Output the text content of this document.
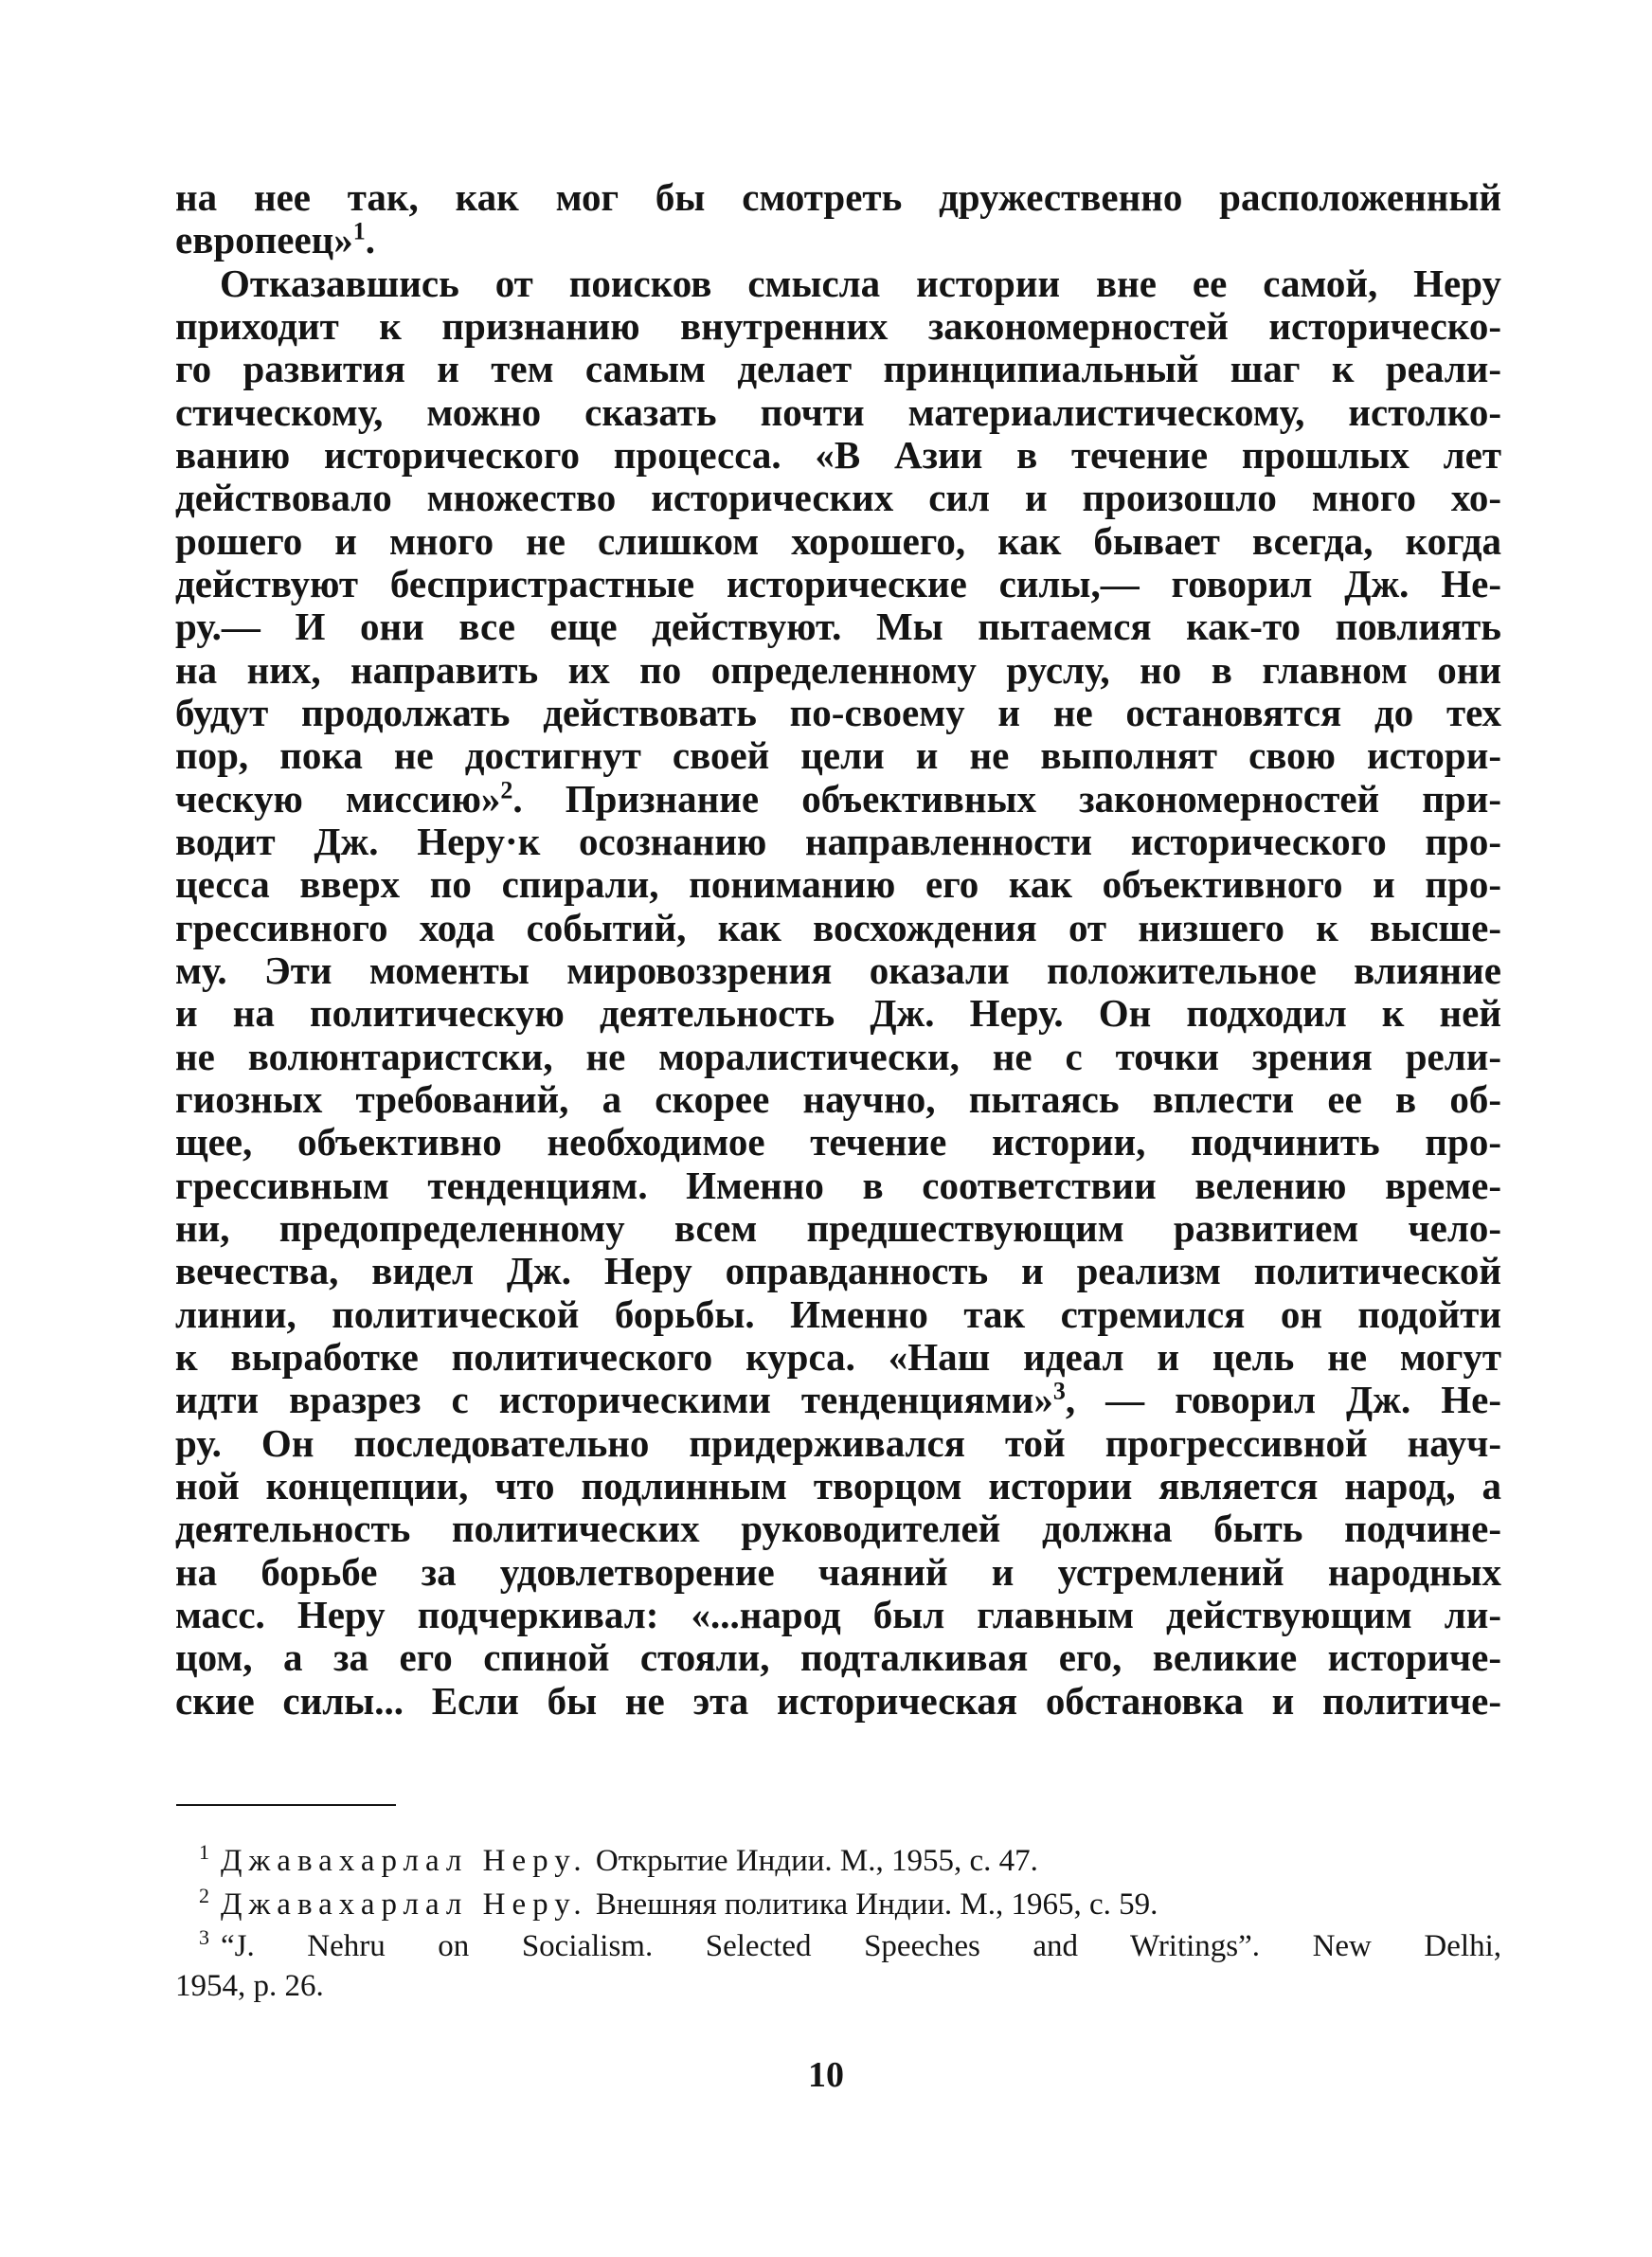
на нее так, как мог бы смотреть дружественно расположенный
европеец»$^1$.
Отказавшись от поисков смысла истории вне ее самой, Неру
приходит к признанию внутренних закономерностей историческо-
го развития и тем самым делает принципиальный шаг к реали-
стическому, можно сказать почти материалистическому, истолко-
ванию исторического процесса. «В Азии в течение прошлых лет
действовало множество исторических сил и произошло много хо-
рошего и много не слишком хорошего, как бывает всегда, когда
действуют беспристрастные исторические силы,— говорил Дж. Не-
ру.— И они все еще действуют. Мы пытаемся как-то повлиять
на них, направить их по определенному руслу, но в главном они
будут продолжать действовать по-своему и не остановятся до тех
пор, пока не достигнут своей цели и не выполнят свою истори-
ческую миссию»$^2$. Признание объективных закономерностей при-
водит Дж. Неру·к осознанию направленности исторического про-
цесса вверх по спирали, пониманию его как объективного и про-
грессивного хода событий, как восхождения от низшего к высше-
му. Эти моменты мировоззрения оказали положительное влияние
и на политическую деятельность Дж. Неру. Он подходил к ней
не волюнтаристски, не моралистически, не с точки зрения рели-
гиозных требований, а скорее научно, пытаясь вплести ее в об-
щее, объективно необходимое течение истории, подчинить про-
грессивным тенденциям. Именно в соответствии велению време-
ни, предопределенному всем предшествующим развитием чело-
вечества, видел Дж. Неру оправданность и реализм политической
линии, политической борьбы. Именно так стремился он подойти
к выработке политического курса. «Наш идеал и цель не могут
идти вразрез с историческими тенденциями»$^3$, — говорил Дж. Не-
ру. Он последовательно придерживался той прогрессивной науч-
ной концепции, что подлинным творцом истории является народ, а
деятельность политических руководителей должна быть подчине-
на борьбе за удовлетворение чаяний и устремлений народных
масс. Неру подчеркивал: «...народ был главным действующим ли-
цом, а за его спиной стояли, подталкивая его, великие историче-
ские силы... Если бы не эта историческая обстановка и политиче-
$^1$ Джавахарлал Неру. Открытие Индии. М., 1955, с. 47.
$^2$ Джавахарлал Неру. Внешняя политика Индии. М., 1965, с. 59.
$^3$ “J. Nehru on Socialism. Selected Speeches and Writings”. New Delhi,
1954, p. 26.
10
